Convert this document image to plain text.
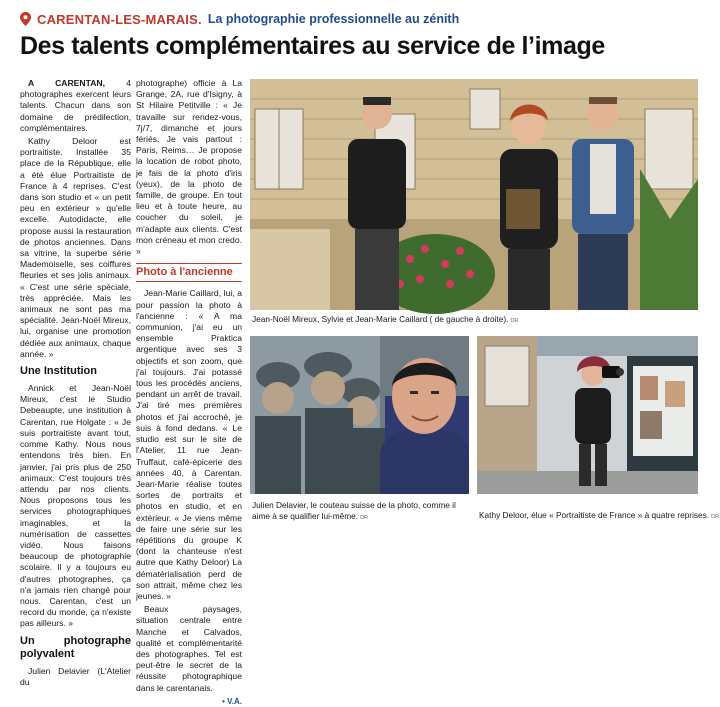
CARENTAN-LES-MARAIS. La photographie professionnelle au zénith
Des talents complémentaires au service de l’image

A CARENTAN, 4 photographes exercent leurs talents. Chacun dans son domaine de prédilection, complémentaires.

Kathy Deloor est portraitiste. Installée 35 place de la République, elle a été élue Portraitiste de France à 4 reprises. C'est dans son studio et « un petit peu en extérieur » qu'elle excelle. Autodidacte, elle propose aussi la restauration de photos anciennes. Dans sa vitrine, la superbe série Mademoiselle, ses coiffures fleuries et ses jolis animaux. « C'est une série spéciale, très appréciée. Mais les animaux ne sont pas ma spécialité. Jean-Noël Mireux, lui, organise une promotion dédiée aux animaux, chaque année. »

Une Institution

Annick et Jean-Noël Mireux, c'est le Studio Debeaupte, une institution à Carentan, rue Holgate : « Je suis portraitiste avant tout, comme Kathy. Nous nous entendons très bien. En janvier, j'ai pris plus de 250 animaux. C'est toujours très attendu par nos clients. Nous proposons tous les services photographiques imaginables, et la numérisation de cassettes vidéo. Nous faisons beaucoup de photographie scolaire. Il y a toujours eu d'autres photographes, ça n'a jamais rien changé pour nous. Carentan, c'est un record du monde, ça n'existe pas ailleurs. »

Un photographe polyvalent

Julien Delavier (L'Atelier du

photographe) officie à La Grange, 2A, rue d'Isigny, à St Hilaire Petitville : « Je travaille sur rendez-vous, 7j/7, dimanche et jours fériés. Je vais partout : Paris, Reims… Je propose la location de robot photo, je fais de la photo d'iris (yeux), de la photo de famille, de groupe. En tout lieu et à toute heure, au coucher du soleil, je m'adapte aux clients. C'est mon créneau et mon credo. »

Photo à l'ancienne

Jean-Marie Caillard, lui, a pour passion la photo à l'ancienne : « A ma communion, j'ai eu un ensemble Praktica argentique avec ses 3 objectifs et son zoom, que j'ai toujours. J'ai potassé tous les procédés anciens, pendant un arrêt de travail. J'ai tiré mes premières photos et j'ai accroché, je suis à fond dedans. « Le studio est sur le site de l'Atelier, 11 rue Jean-Truffaut, café-épicerie des années 40, à Carentan. Jean-Marie réalise toutes sortes de portraits et photos en studio, et en extérieur. « Je viens même de faire une série sur les répétitions du groupe K (dont la chanteuse n'est autre que Kathy Deloor) La dématérialisation perd de son attrait, même chez les jeunes. »

Beaux paysages, situation centrale entre Manche et Calvados, qualité et complémentarité des photographes. Tel est peut-être le secret de la réussite photographique dans le carentanais.

• V.A.
Jean-Noël Mireux, Sylvie et Jean-Marie Caillard ( de gauche à droite). DR
Julien Delavier, le couteau suisse de la photo, comme il aime à se qualifier lui-même. DR	Kathy Deloor, élue « Portraitiste de France » à quatre reprises. DR
